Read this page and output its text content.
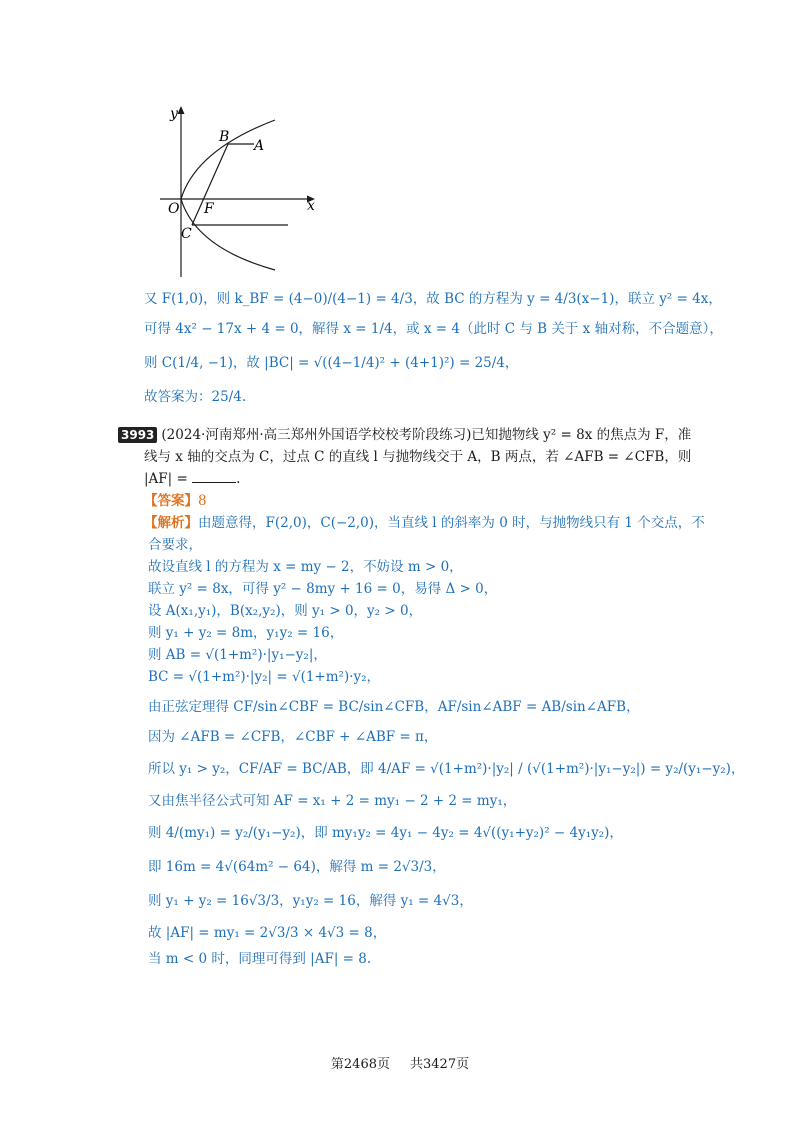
y
x
O F
B
A
C
又 F(1,0)，则 k_BF = (4−0)/(4−1) = 4/3，故 BC 的方程为 y = 4/3(x−1)，联立 y² = 4x，
可得 4x² − 17x + 4 = 0，解得 x = 1/4，或 x = 4（此时 C 与 B 关于 x 轴对称，不合题意），
则 C(1/4, −1)，故 |BC| = √((4−1/4)² + (4+1)²) = 25/4，
故答案为：25/4.
3993 (2024·河南郑州·高三郑州外国语学校校考阶段练习)已知抛物线 y² = 8x 的焦点为 F，准
线与 x 轴的交点为 C，过点 C 的直线 l 与抛物线交于 A，B 两点，若 ∠AFB = ∠CFB，则
|AF| =	.
【答案】8
【解析】由题意得，F(2,0)，C(−2,0)，当直线 l 的斜率为 0 时，与抛物线只有 1 个交点，不
合要求，
故设直线 l 的方程为 x = my − 2，不妨设 m > 0，
联立 y² = 8x，可得 y² − 8my + 16 = 0，易得 Δ > 0，
设 A(x₁,y₁)，B(x₂,y₂)，则 y₁ > 0，y₂ > 0，
则 y₁ + y₂ = 8m，y₁y₂ = 16，
则 AB = √(1+m²)·|y₁−y₂|，
BC = √(1+m²)·|y₂| = √(1+m²)·y₂，
由正弦定理得 CF/sin∠CBF = BC/sin∠CFB，AF/sin∠ABF = AB/sin∠AFB，
因为 ∠AFB = ∠CFB，∠CBF + ∠ABF = π，
所以 y₁ > y₂，CF/AF = BC/AB，即 4/AF = √(1+m²)·|y₂| / (√(1+m²)·|y₁−y₂|) = y₂/(y₁−y₂)，
又由焦半径公式可知 AF = x₁ + 2 = my₁ − 2 + 2 = my₁，
则 4/(my₁) = y₂/(y₁−y₂)，即 my₁y₂ = 4y₁ − 4y₂ = 4√((y₁+y₂)² − 4y₁y₂)，
即 16m = 4√(64m² − 64)，解得 m = 2√3/3，
则 y₁ + y₂ = 16√3/3，y₁y₂ = 16，解得 y₁ = 4√3，
故 |AF| = my₁ = 2√3/3 × 4√3 = 8，
当 m < 0 时，同理可得到 |AF| = 8.
第2468页 共3427页
